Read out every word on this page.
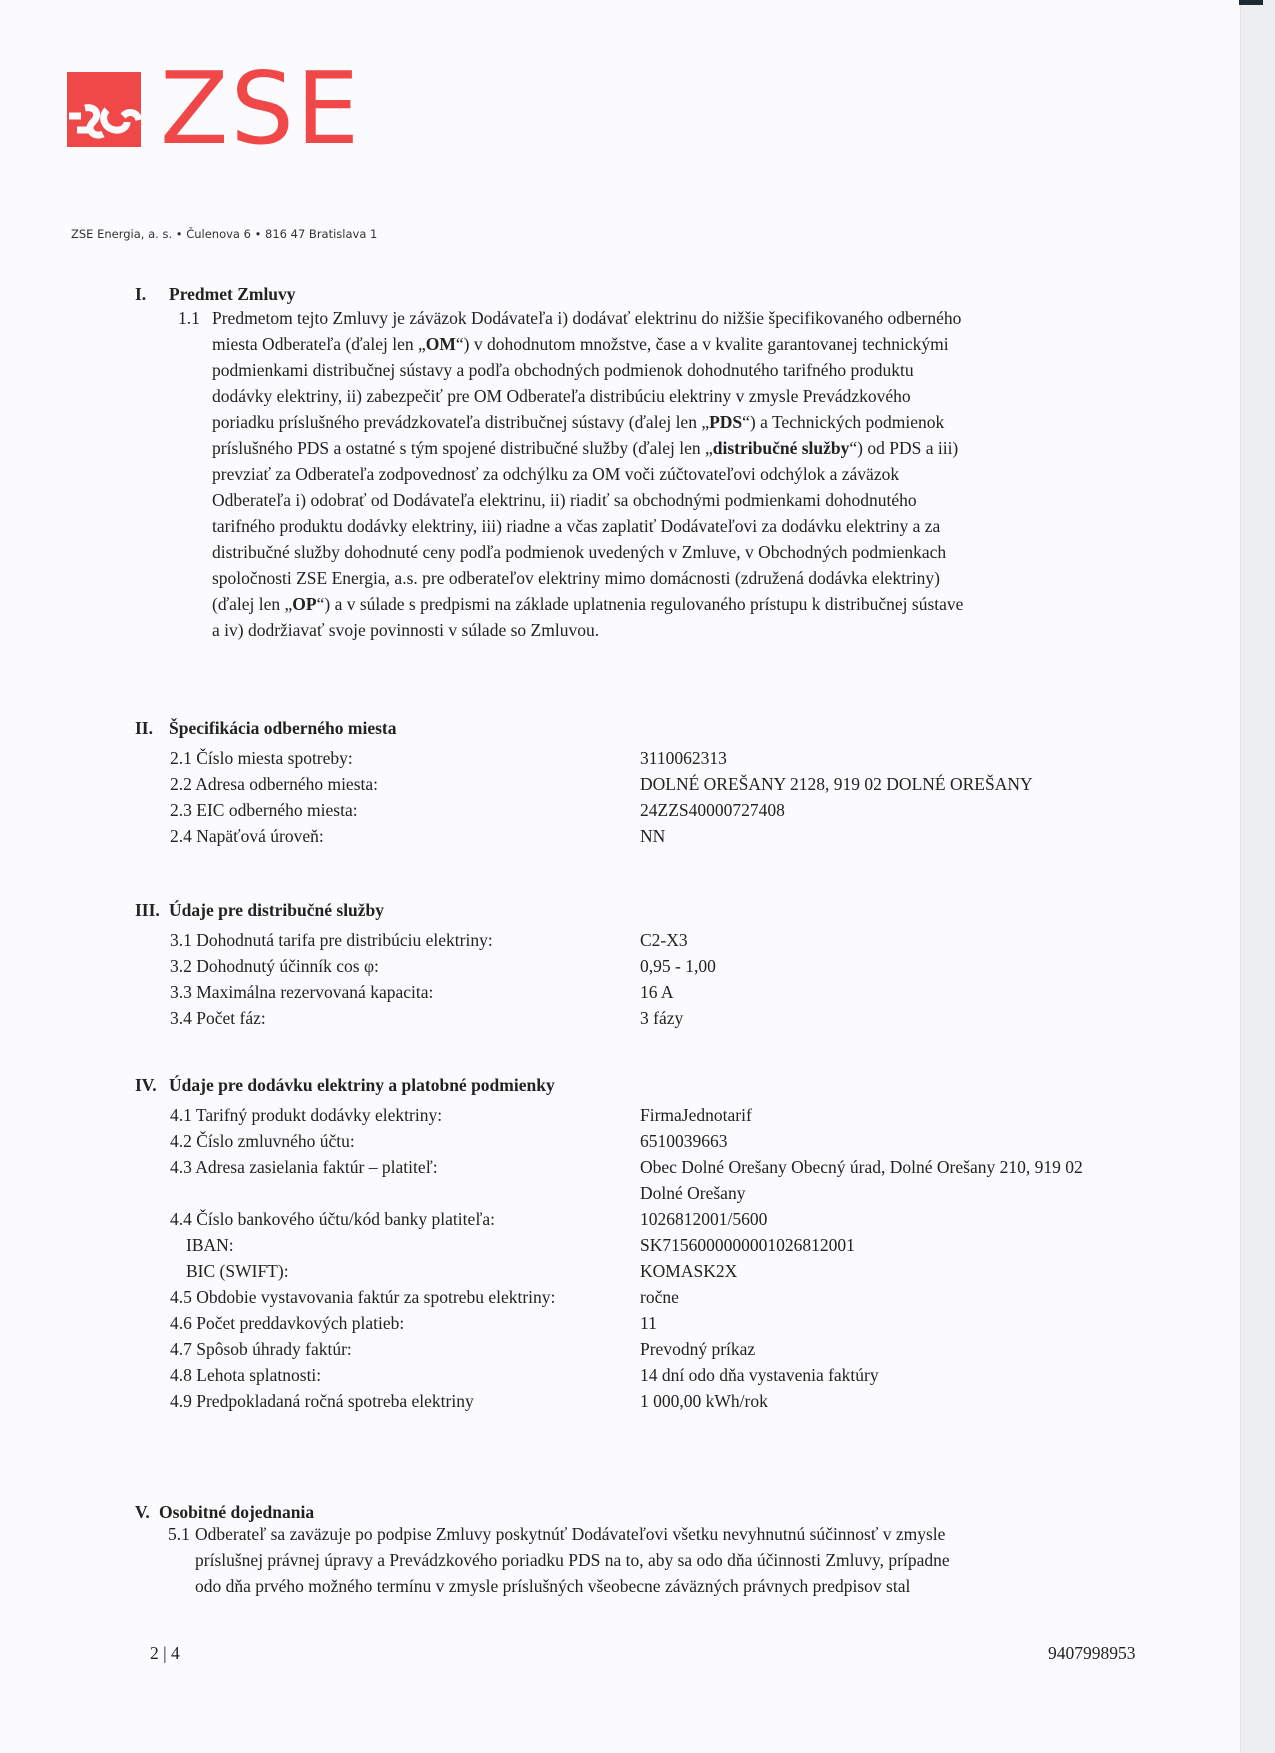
ZSE
ZSE Energia, a. s. • Čulenova 6 • 816 47 Bratislava 1
I. Predmet Zmluvy
1.1 Predmetom tejto Zmluvy je záväzok Dodávateľa i) dodávať elektrinu do nižšie špecifikovaného odberného
miesta Odberateľa (ďalej len „OM“) v dohodnutom množstve, čase a v kvalite garantovanej technickými
podmienkami distribučnej sústavy a podľa obchodných podmienok dohodnutého tarifného produktu
dodávky elektriny, ii) zabezpečiť pre OM Odberateľa distribúciu elektriny v zmysle Prevádzkového
poriadku príslušného prevádzkovateľa distribučnej sústavy (ďalej len „PDS“) a Technických podmienok
príslušného PDS a ostatné s tým spojené distribučné služby (ďalej len „distribučné služby“) od PDS a iii)
prevziať za Odberateľa zodpovednosť za odchýlku za OM voči zúčtovateľovi odchýlok a záväzok
Odberateľa i) odobrať od Dodávateľa elektrinu, ii) riadiť sa obchodnými podmienkami dohodnutého
tarifného produktu dodávky elektriny, iii) riadne a včas zaplatiť Dodávateľovi za dodávku elektriny a za
distribučné služby dohodnuté ceny podľa podmienok uvedených v Zmluve, v Obchodných podmienkach
spoločnosti ZSE Energia, a.s. pre odberateľov elektriny mimo domácnosti (združená dodávka elektriny)
(ďalej len „OP“) a v súlade s predpismi na základe uplatnenia regulovaného prístupu k distribučnej sústave
a iv) dodržiavať svoje povinnosti v súlade so Zmluvou.
II. Špecifikácia odberného miesta
2.1 Číslo miesta spotreby:	3110062313
2.2 Adresa odberného miesta:	DOLNÉ OREŠANY 2128, 919 02 DOLNÉ OREŠANY
2.3 EIC odberného miesta:	24ZZS40000727408
2.4 Napäťová úroveň:	NN
III. Údaje pre distribučné služby
3.1 Dohodnutá tarifa pre distribúciu elektriny:	C2-X3
3.2 Dohodnutý účinník cos φ:	0,95 - 1,00
3.3 Maximálna rezervovaná kapacita:	16 A
3.4 Počet fáz:	3 fázy
IV. Údaje pre dodávku elektriny a platobné podmienky
4.1 Tarifný produkt dodávky elektriny:	FirmaJednotarif
4.2 Číslo zmluvného účtu:	6510039663
4.3 Adresa zasielania faktúr – platiteľ:	Obec Dolné Orešany Obecný úrad, Dolné Orešany 210, 919 02
Dolné Orešany
4.4 Číslo bankového účtu/kód banky platiteľa:	1026812001/5600
IBAN:	SK7156000000001026812001
BIC (SWIFT):	KOMASK2X
4.5 Obdobie vystavovania faktúr za spotrebu elektriny:	ročne
4.6 Počet preddavkových platieb:	11
4.7 Spôsob úhrady faktúr:	Prevodný príkaz
4.8 Lehota splatnosti:	14 dní odo dňa vystavenia faktúry
4.9 Predpokladaná ročná spotreba elektriny	1 000,00 kWh/rok
V. Osobitné dojednania
5.1 Odberateľ sa zaväzuje po podpise Zmluvy poskytnúť Dodávateľovi všetku nevyhnutnú súčinnosť v zmysle
príslušnej právnej úpravy a Prevádzkového poriadku PDS na to, aby sa odo dňa účinnosti Zmluvy, prípadne
odo dňa prvého možného termínu v zmysle príslušných všeobecne záväzných právnych predpisov stal
2 | 4	9407998953
